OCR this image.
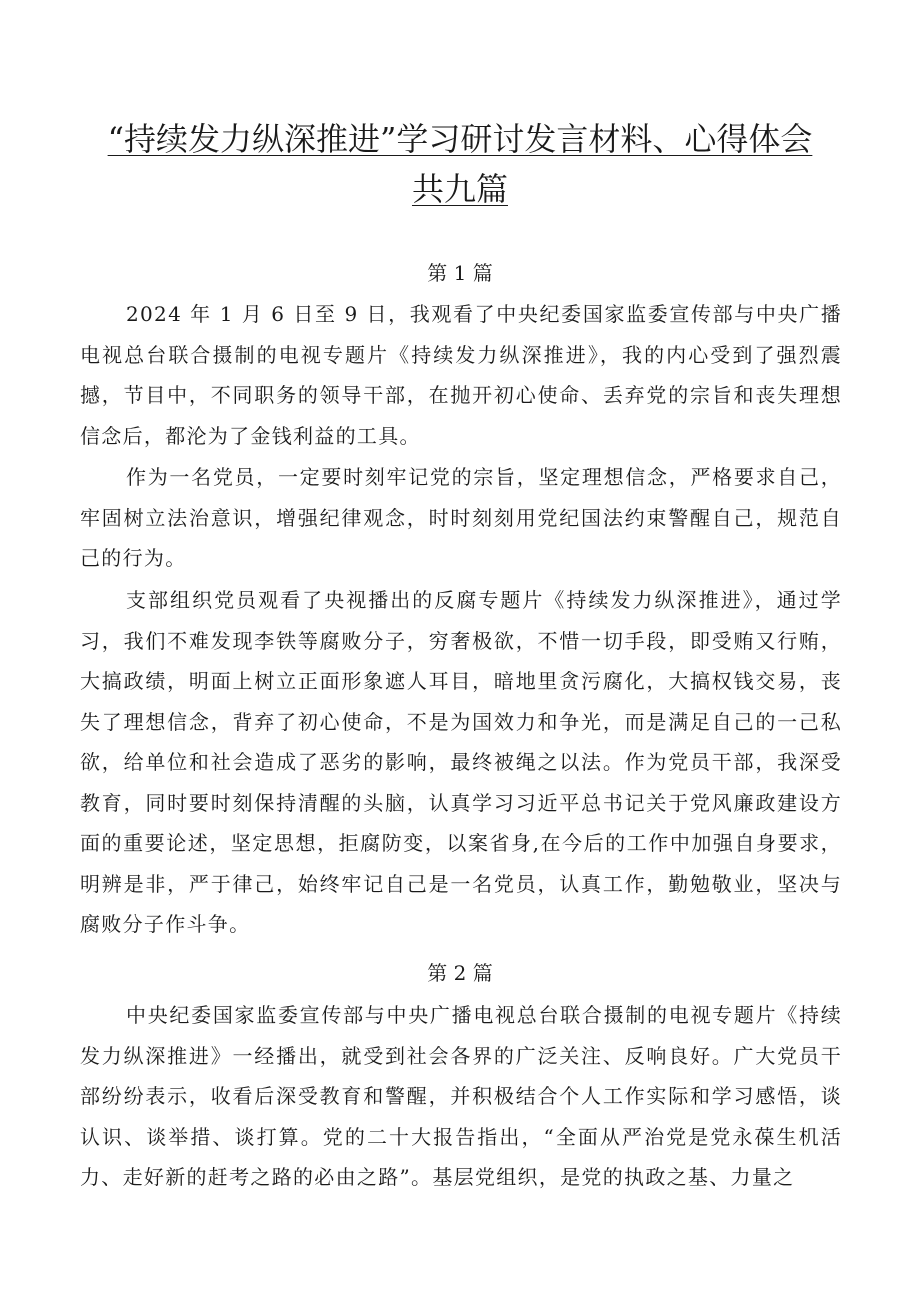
“持续发力纵深推进”学习研讨发言材料、心得体会共九篇

第 1 篇

2024 年 1 月 6 日至 9 日，我观看了中央纪委国家监委宣传部与中央广播电视总台联合摄制的电视专题片《持续发力纵深推进》，我的内心受到了强烈震撼，节目中，不同职务的领导干部，在抛开初心使命、丢弃党的宗旨和丧失理想信念后，都沦为了金钱利益的工具。

作为一名党员，一定要时刻牢记党的宗旨，坚定理想信念，严格要求自己，牢固树立法治意识，增强纪律观念，时时刻刻用党纪国法约束警醒自己，规范自己的行为。

支部组织党员观看了央视播出的反腐专题片《持续发力纵深推进》，通过学习，我们不难发现李铁等腐败分子，穷奢极欲，不惜一切手段，即受贿又行贿，大搞政绩，明面上树立正面形象遮人耳目，暗地里贪污腐化，大搞权钱交易，丧失了理想信念，背弃了初心使命，不是为国效力和争光，而是满足自己的一己私欲，给单位和社会造成了恶劣的影响，最终被绳之以法。作为党员干部，我深受教育，同时要时刻保持清醒的头脑，认真学习习近平总书记关于党风廉政建设方面的重要论述，坚定思想，拒腐防变，以案省身,在今后的工作中加强自身要求，明辨是非，严于律己，始终牢记自己是一名党员，认真工作，勤勉敬业，坚决与腐败分子作斗争。

第 2 篇

中央纪委国家监委宣传部与中央广播电视总台联合摄制的电视专题片《持续发力纵深推进》一经播出，就受到社会各界的广泛关注、反响良好。广大党员干部纷纷表示，收看后深受教育和警醒，并积极结合个人工作实际和学习感悟，谈认识、谈举措、谈打算。党的二十大报告指出，“全面从严治党是党永葆生机活力、走好新的赶考之路的必由之路”。基层党组织，是党的执政之基、力量之
